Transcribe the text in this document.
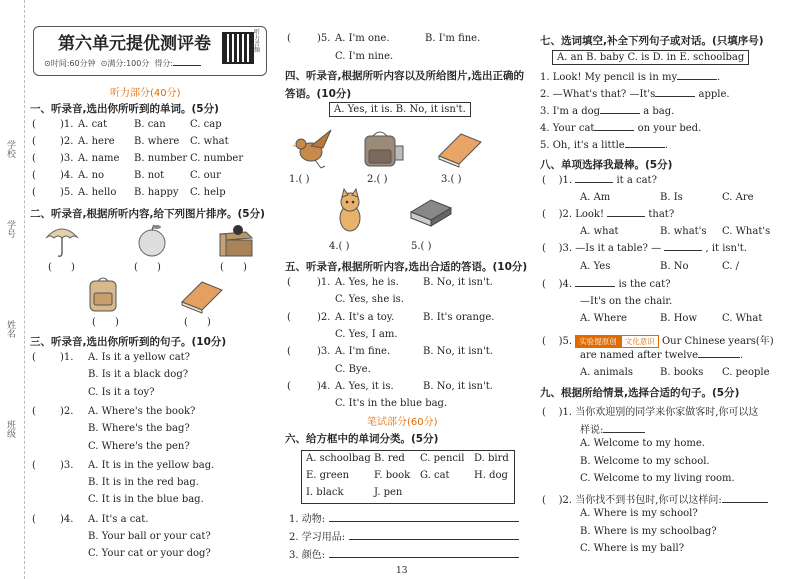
学校
学号
姓名
班级
第六单元提优测评卷
⊙时间:60分钟  ⊙满分:100分 得分:
听力音频
听力部分(40分)
一、听录音,选出你所听到的单词。(5分)
( )1. A. cat	B. can C. cap
( )2. A. here B. where C. what
( )3. A. name B. number C. number
( )4. A. no	B. not	C. our
( )5. A. hello B. happy C. help
二、听录音,根据所听内容,给下列图片排序。(5分)
(      )	(      )	(      )
(      )	(      )
三、听录音,选出你所听到的句子。(10分)
( )1. A. Is it a yellow cat?
B. Is it a black dog?
C. Is it a toy?
( )2. A. Where's the book?
B. Where's the bag?
C. Where's the pen?
( )3. A. It is in the yellow bag.
B. It is in the red bag.
C. It is in the blue bag.
( )4. A. It's a cat.
B. Your ball or your cat?
C. Your cat or your dog?
( )5. A. I'm one.	B. I'm fine.
C. I'm nine.
四、听录音,根据所听内容以及所给图片,选出正确的
答语。(10分)
A. Yes, it is. B. No, it isn't.
1.( )	2.( )	3.( )
4.( )	5.( )
五、听录音,根据所听内容,选出合适的答语。(10分)
( )1. A. Yes, he is. B. No, it isn't.
C. Yes, she is.
( )2. A. It's a toy.	B. It's orange.
C. Yes, I am.
( )3. A. I'm fine.	B. No, it isn't.
C. Bye.
( )4. A. Yes, it is.	B. No, it isn't.
C. It's in the blue bag.
笔试部分(60分)
六、给方框中的单词分类。(5分)
A. schoolbag B. red C. pencil D. bird
E. green F. book G. cat H. dog
I. black	J. pen
1. 动物:
2. 学习用品:
3. 颜色:
七、选词填空,补全下列句子或对话。(只填序号)
A. an B. baby C. is D. in E. schoolbag
1. Look! My pencil is in my	.
2. —What's that? —It's	apple.
3. I'm a dog	a bag.
4. Your cat	on your bed.
5. Oh, it's a little	.
八、单项选择我最棒。(5分)
(    )1.	it a cat?
A. Am	B. Is	C. Are
(    )2. Look!	that?
A. what	B. what's C. What's
(    )3. —Is it a table? —	, it isn't.
A. Yes	B. No	C. /
(    )4.	is the cat?
—It's on the chair.
A. Where	B. How C. What
(    )5. 实验提原创 文化意识 Our Chinese years(年)
are named after twelve	.
A. animals	B. books C. people
九、根据所给情景,选择合适的句子。(5分)
(    )1. 当你欢迎别的同学来你家做客时,你可以这
样说:
A. Welcome to my home.
B. Welcome to my school.
C. Welcome to my living room.
(    )2. 当你找不到书包时,你可以这样问:
A. Where is my school?
B. Where is my schoolbag?
C. Where is my ball?
13
